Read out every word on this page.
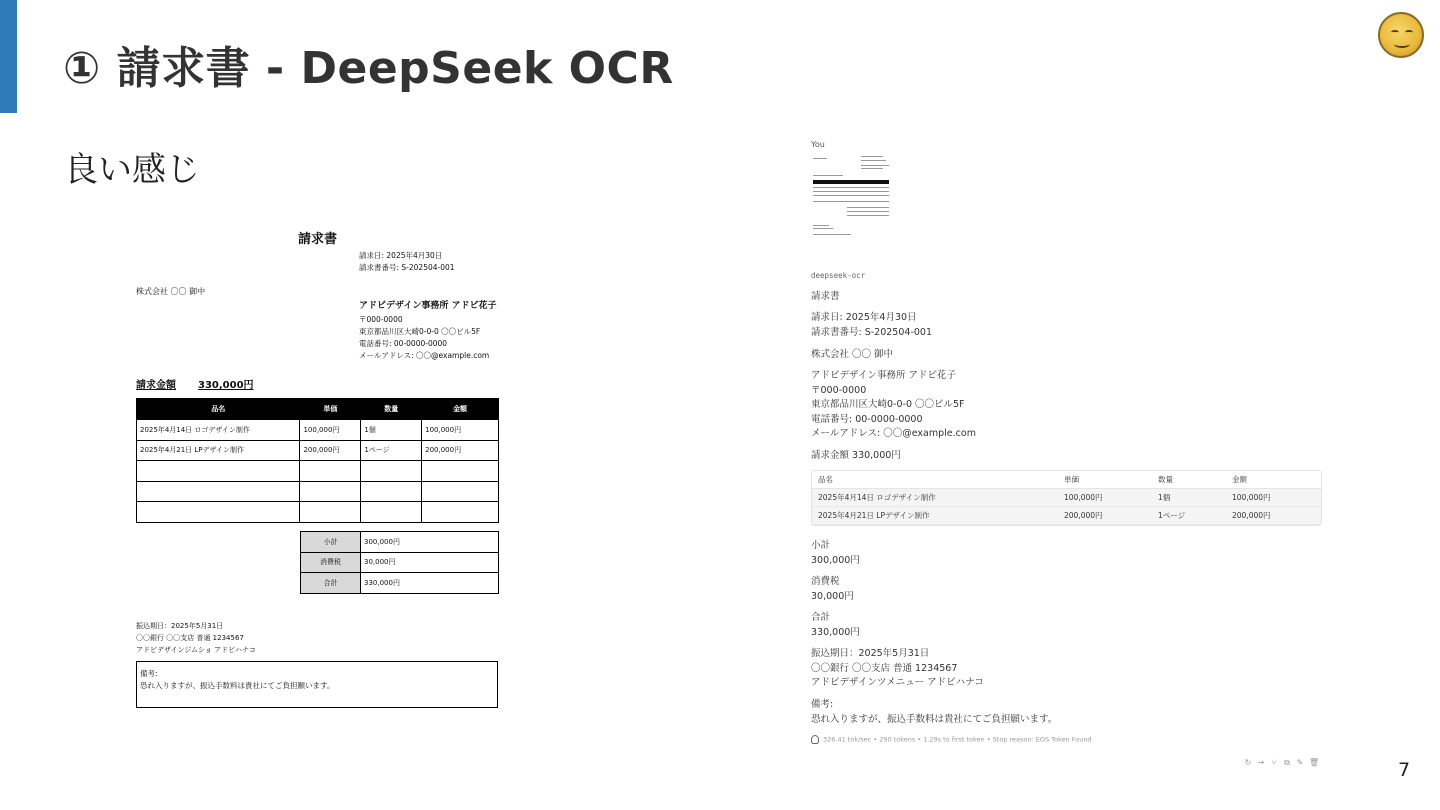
① 請求書 - DeepSeek OCR
良い感じ
7
請求書
請求日: 2025年4月30日
請求書番号: S-202504-001
株式会社 〇〇 御中
アドビデザイン事務所 アドビ花子
〒000-0000
東京都品川区大崎0-0-0 〇〇ビル5F
電話番号: 00-0000-0000
メールアドレス: 〇〇@example.com
請求金額 330,000円
品名	単価	数量	金額
2025年4月14日 ロゴデザイン制作	100,000円	1個	100,000円
2025年4月21日 LPデザイン制作	200,000円	1ページ	200,000円

小計	300,000円
消費税	30,000円
合計	330,000円
振込期日：2025年5月31日
〇〇銀行 〇〇支店 普通 1234567
アドビデザインジムショ アドビハナコ
備考:
恐れ入りますが、振込手数料は貴社にてご負担願います。
You
deepseek-ocr
請求書
請求日: 2025年4月30日
請求書番号: S-202504-001
株式会社 〇〇 御中
アドビデザイン事務所 アドビ花子
〒000-0000
東京都品川区大崎0-0-0 〇〇ビル5F
電話番号: 00-0000-0000
メールアドレス: 〇〇@example.com
請求金額 330,000円
品名	単価	数量	金額
2025年4月14日 ロゴデザイン制作	100,000円	1個	100,000円
2025年4月21日 LPデザイン制作	200,000円	1ページ	200,000円
小計
300,000円
消費税
30,000円
合計
330,000円
振込期日：2025年5月31日
〇〇銀行 〇〇支店 普通 1234567
アドビデザインツメニュー アドビハナコ
備考:
恐れ入りますが、振込手数料は貴社にてご負担願います。
326.41 tok/sec • 290 tokens • 1.29s to first token • Stop reason: EOS Token Found
↻ → ⑂ ⧉ ✎ 🗑
